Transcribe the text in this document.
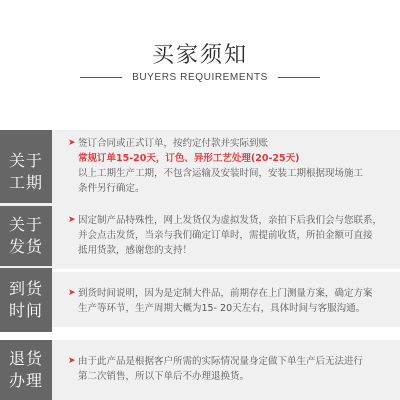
买家须知
BUYERS REQUIREMENTS
关于
工期
➤ 签订合同或正式订单，按约定付款并实际到账
常规订单15-20天，订色、异形工艺处理(20-25天)
以上工期生产工期，不包含运输及安装时间，安装工期根据现场施工
条件另行确定。
关于
发货
➤ 因定制产品特殊性，网上发货仅为虚拟发货，亲拍下后我们会与您联系，
并会点击发货，当亲与我们确定订单时，需提前收货，所拍金额可直接
抵用货款，感谢您的支持！
到货
时间
➤ 到货时间说明，因为是定制大件品，前期存在上门测量方案，确定方案
生产等环节，生产周期大概为15- 20天左右，具体时间与客服沟通。
退货
办理
➤ 由于此产品是根据客户所需的实际情况量身定做下单生产后无法进行
第二次销售，所以下单后不办理退换货。
